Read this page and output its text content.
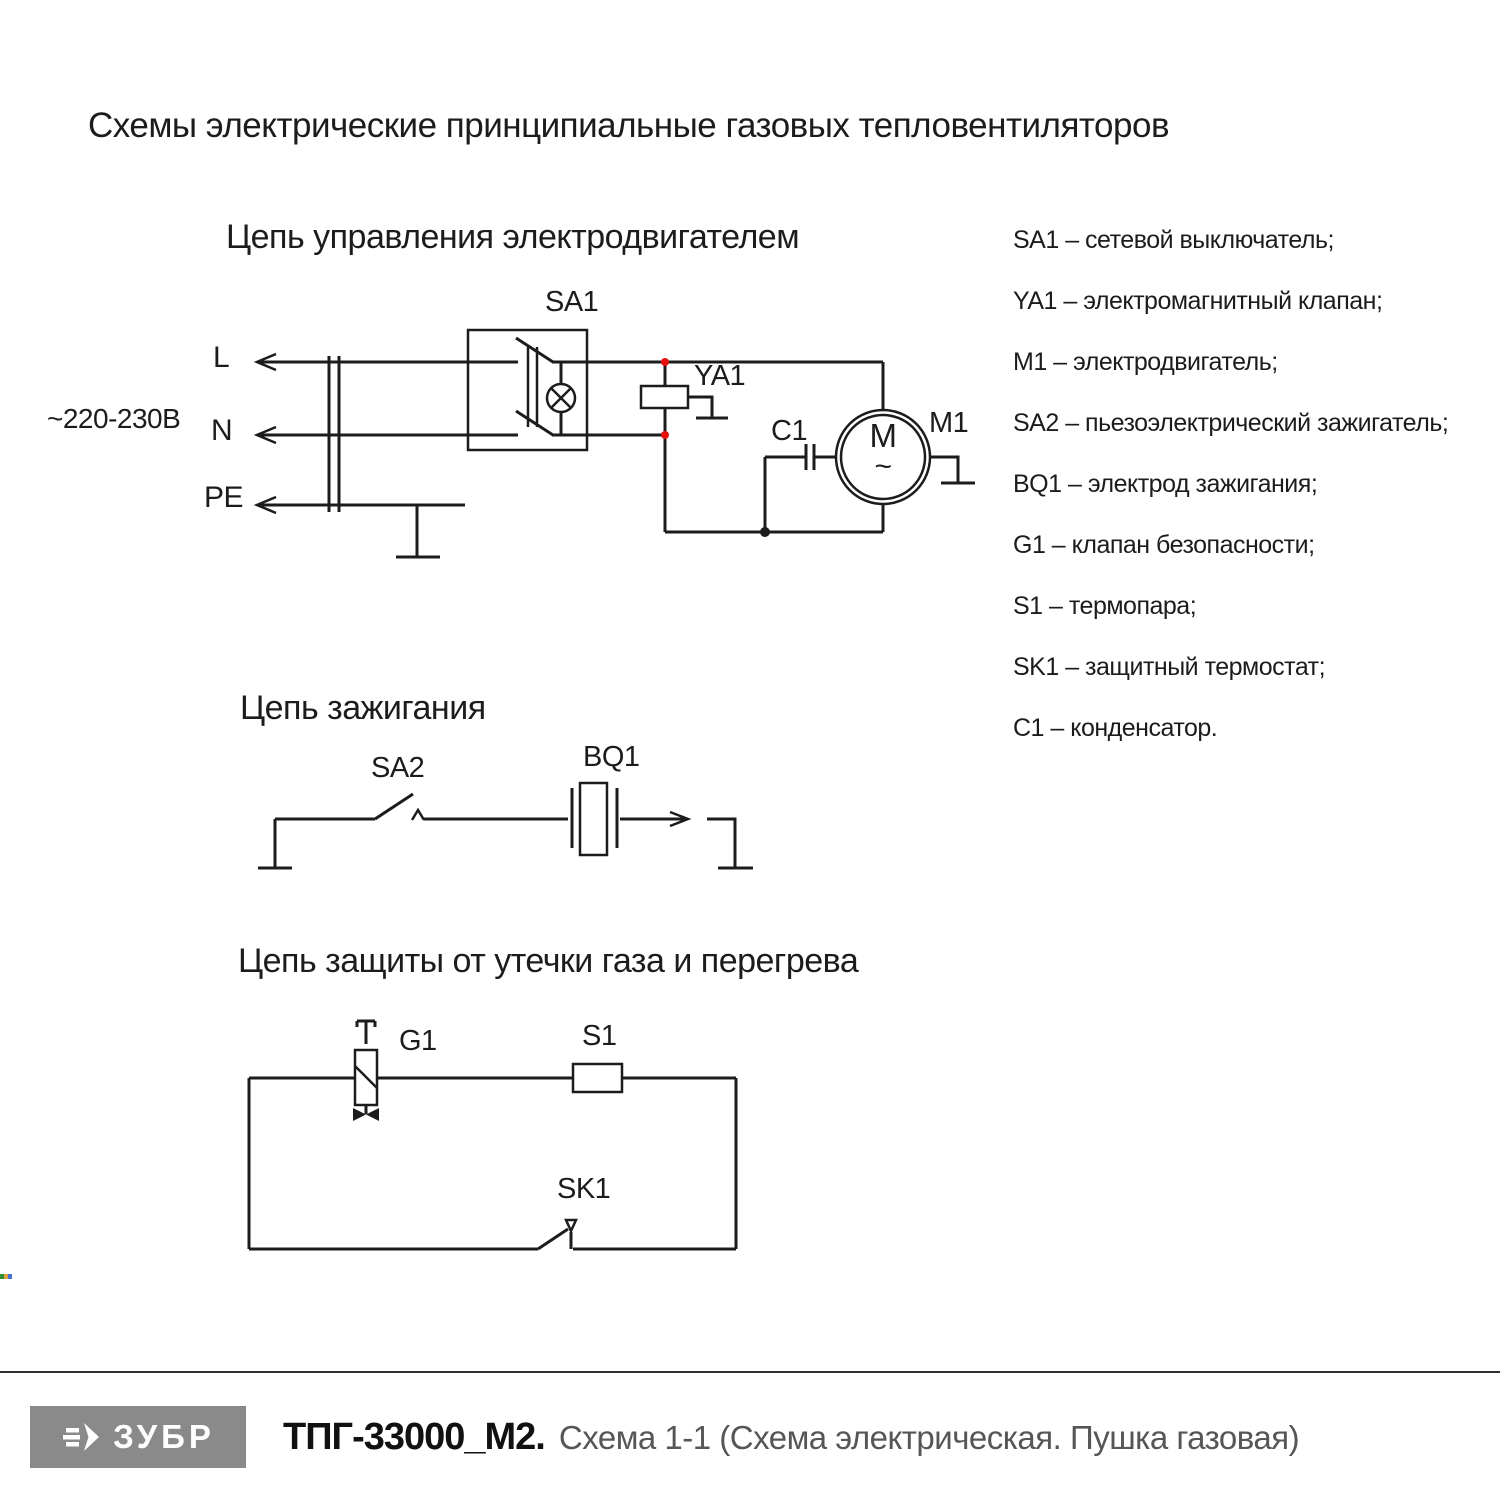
Схемы электрические принципиальные газовых тепловентиляторов
Цепь управления электродвигателем
~220-230В
L
N
PE
SA1
YA1
C1	M1
M
~
Цепь зажигания
SA2	BQ1
Цепь защиты от утечки газа и перегрева
G1	S1
SK1
SA1 – сетевой выключатель;
YA1 – электромагнитный клапан;
M1 – электродвигатель;
SA2 – пьезоэлектрический зажигатель;
BQ1 – электрод зажигания;
G1 – клапан безопасности;
S1 – термопара;
SK1 – защитный термостат;
C1 – конденсатор.
ЗУБР ТПГ-33000_М2. Схема 1-1 (Схема электрическая. Пушка газовая)
